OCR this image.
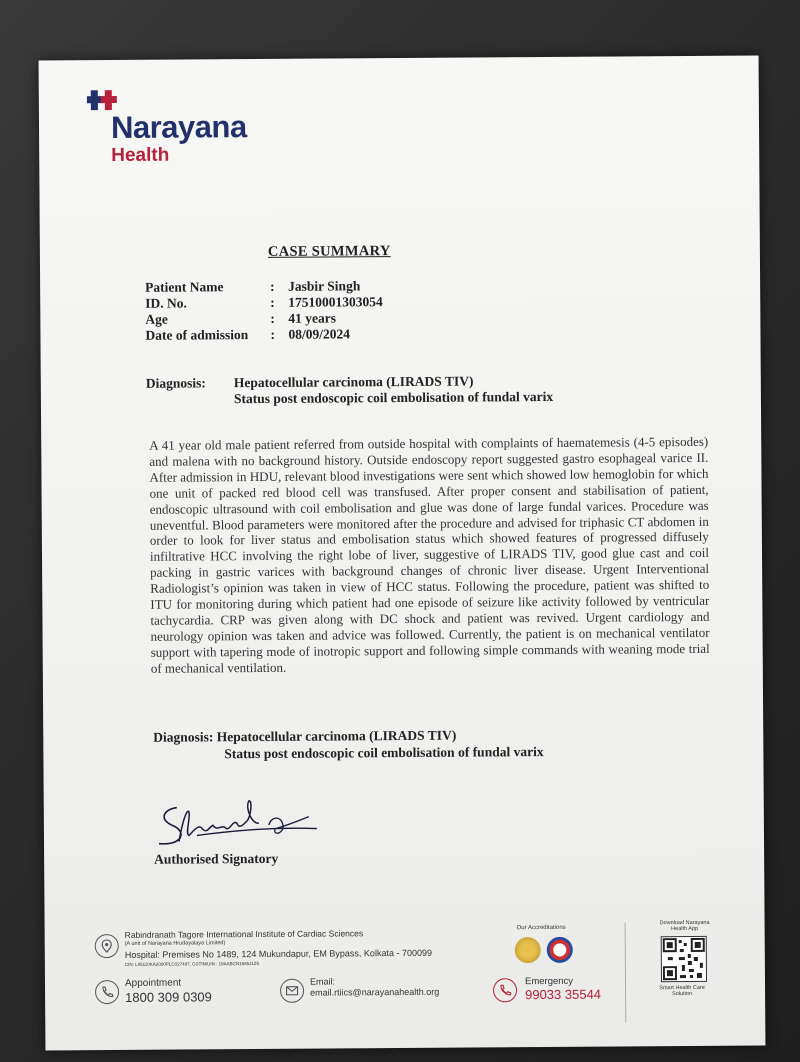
Narayana
Health
CASE SUMMARY
Patient Name	: Jasbir Singh
ID. No.	: 17510001303054
Age	: 41 years
Date of admission : 08/09/2024
Diagnosis: Hepatocellular carcinoma (LIRADS TIV)
Status post endoscopic coil embolisation of fundal varix
A 41 year old male patient referred from outside hospital with complaints of haematemesis (4-5 episodes) and malena with no background history. Outside endoscopy report suggested gastro esophageal varice II. After admission in HDU, relevant blood investigations were sent which showed low hemoglobin for which one unit of packed red blood cell was transfused. After proper consent and stabilisation of patient, endoscopic ultrasound with coil embolisation and glue was done of large fundal varices. Procedure was uneventful. Blood parameters were monitored after the procedure and advised for triphasic CT abdomen in order to look for liver status and embolisation status which showed features of progressed diffusely infiltrative HCC involving the right lobe of liver, suggestive of LIRADS TIV, good glue cast and coil packing in gastric varices with background changes of chronic liver disease. Urgent Interventional Radiologist’s opinion was taken in view of HCC status. Following the procedure, patient was shifted to ITU for monitoring during which patient had one episode of seizure like activity followed by ventricular tachycardia. CRP was given along with DC shock and patient was revived. Urgent cardiology and neurology opinion was taken and advice was followed. Currently, the patient is on mechanical ventilator support with tapering mode of inotropic support and following simple commands with weaning mode trial of mechanical ventilation.
Diagnosis: Hepatocellular carcinoma (LIRADS TIV)
Status post endoscopic coil embolisation of fundal varix
Authorised Signatory
Rabindranath Tagore International Institute of Cardiac Sciences
(A unit of Narayana Hrudayalaya Limited)
Hospital: Premises No 1489, 124 Mukundapur, EM Bypass, Kolkata - 700099
CIN: L85110KA2000PLC027497, GSTIN/UIN : 19AABCN1685J1Z5
Appointment
1800 309 0309
Email:
email.rtiics@narayanahealth.org
Our Accreditations
Emergency
99033 35544
Download Narayana Health App
Smart Health Care Solution
